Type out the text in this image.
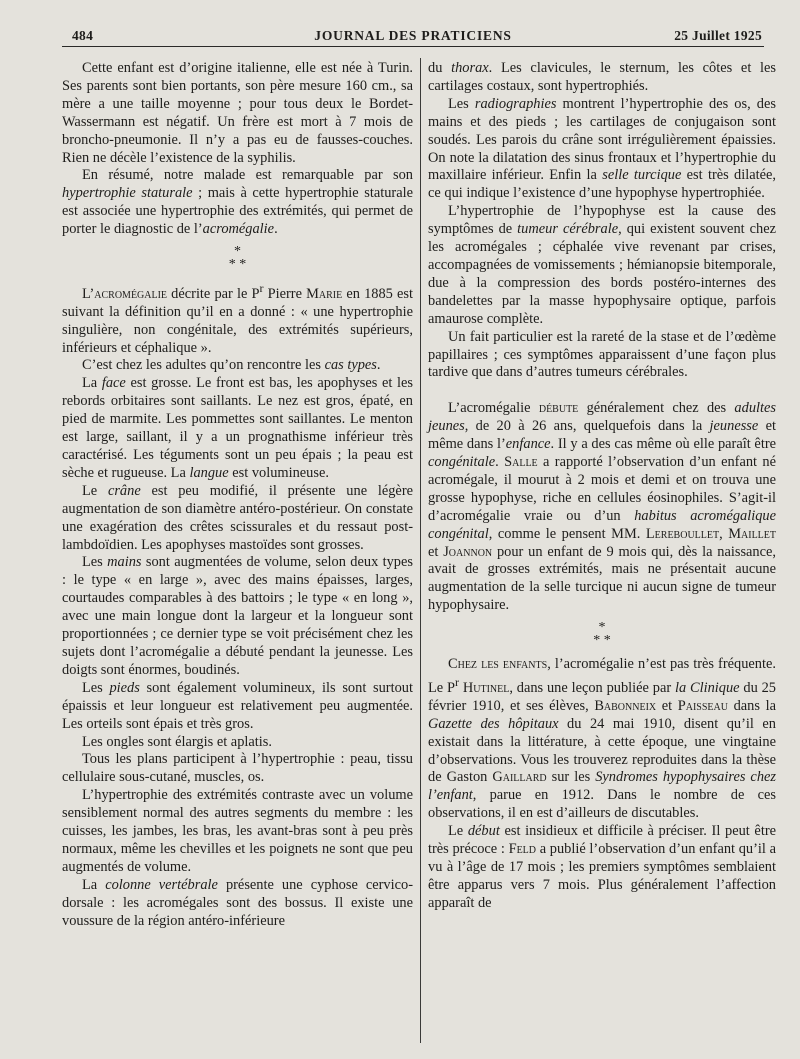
484	JOURNAL DES PRATICIENS	25 Juillet 1925

Cette enfant est d’origine italienne, elle est née à Turin. Ses parents sont bien portants, son père mesure 160 cm., sa mère a une taille moyenne ; pour tous deux le Bordet-Wassermann est négatif. Un frère est mort à 7 mois de broncho-pneumonie. Il n’y a pas eu de fausses-couches. Rien ne décèle l’existence de la syphilis.

En résumé, notre malade est remarquable par son hypertrophie staturale ; mais à cette hypertrophie staturale est associée une hypertrophie des extrémités, qui permet de porter le diagnostic de l’acromégalie.

*
* *

L’acromégalie décrite par le $P^r$ Pierre Marie en 1885 est suivant la définition qu’il en a donné : « une hypertrophie singulière, non congénitale, des extrémités supérieurs, inférieurs et céphalique ».

C’est chez les adultes qu’on rencontre les cas types.

La face est grosse. Le front est bas, les apophyses et les rebords orbitaires sont saillants. Le nez est gros, épaté, en pied de marmite. Les pommettes sont saillantes. Le menton est large, saillant, il y a un prognathisme inférieur très caractérisé. Les téguments sont un peu épais ; la peau est sèche et rugueuse. La langue est volumineuse.

Le crâne est peu modifié, il présente une légère augmentation de son diamètre antéro-postérieur. On constate une exagération des crêtes scissurales et du ressaut post-lambdoïdien. Les apophyses mastoïdes sont grosses.

Les mains sont augmentées de volume, selon deux types : le type « en large », avec des mains épaisses, larges, courtaudes comparables à des battoirs ; le type « en long », avec une main longue dont la largeur et la longueur sont proportionnées ; ce dernier type se voit précisément chez les sujets dont l’acromégalie a débuté pendant la jeunesse. Les doigts sont énormes, boudinés.

Les pieds sont également volumineux, ils sont surtout épaissis et leur longueur est relativement peu augmentée. Les orteils sont épais et très gros.

Les ongles sont élargis et aplatis.

Tous les plans participent à l’hypertrophie : peau, tissu cellulaire sous-cutané, muscles, os.

L’hypertrophie des extrémités contraste avec un volume sensiblement normal des autres segments du membre : les cuisses, les jambes, les bras, les avant-bras sont à peu près normaux, même les chevilles et les poignets ne sont que peu augmentés de volume.

La colonne vertébrale présente une cyphose cervico-dorsale : les acromégales sont des bossus. Il existe une voussure de la région antéro-inférieure

du thorax. Les clavicules, le sternum, les côtes et les cartilages costaux, sont hypertrophiés.

Les radiographies montrent l’hypertrophie des os, des mains et des pieds ; les cartilages de conjugaison sont soudés. Les parois du crâne sont irrégulièrement épaissies. On note la dilatation des sinus frontaux et l’hypertrophie du maxillaire inférieur. Enfin la selle turcique est très dilatée, ce qui indique l’existence d’une hypophyse hypertrophiée.

L’hypertrophie de l’hypophyse est la cause des symptômes de tumeur cérébrale, qui existent souvent chez les acromégales ; céphalée vive revenant par crises, accompagnées de vomissements ; hémianopsie bitemporale, due à la compression des bords postéro-internes des bandelettes par la masse hypophysaire optique, parfois amaurose complète.

Un fait particulier est la rareté de la stase et de l’œdème papillaires ; ces symptômes apparaissent d’une façon plus tardive que dans d’autres tumeurs cérébrales.

L’acromégalie débute généralement chez des adultes jeunes, de 20 à 26 ans, quelquefois dans la jeunesse et même dans l’enfance. Il y a des cas même où elle paraît être congénitale. Salle a rapporté l’observation d’un enfant né acromégale, il mourut à 2 mois et demi et on trouva une grosse hypophyse, riche en cellules éosinophiles. S’agit-il d’acromégalie vraie ou d’un habitus acromégalique congénital, comme le pensent MM. Lereboullet, Maillet et Joannon pour un enfant de 9 mois qui, dès la naissance, avait de grosses extrémités, mais ne présentait aucune augmentation de la selle turcique ni aucun signe de tumeur hypophysaire.

*
* *

Chez les enfants, l’acromégalie n’est pas très fréquente. Le $P^r$ Hutinel, dans une leçon publiée par la Clinique du 25 février 1910, et ses élèves, Babonneix et Paisseau dans la Gazette des hôpitaux du 24 mai 1910, disent qu’il en existait dans la littérature, à cette époque, une vingtaine d’observations. Vous les trouverez reproduites dans la thèse de Gaston Gaillard sur les Syndromes hypophysaires chez l’enfant, parue en 1912. Dans le nombre de ces observations, il en est d’ailleurs de discutables.

Le début est insidieux et difficile à préciser. Il peut être très précoce : Feld a publié l’observation d’un enfant qu’il a vu à l’âge de 17 mois ; les premiers symptômes semblaient être apparus vers 7 mois. Plus généralement l’affection apparaît de
